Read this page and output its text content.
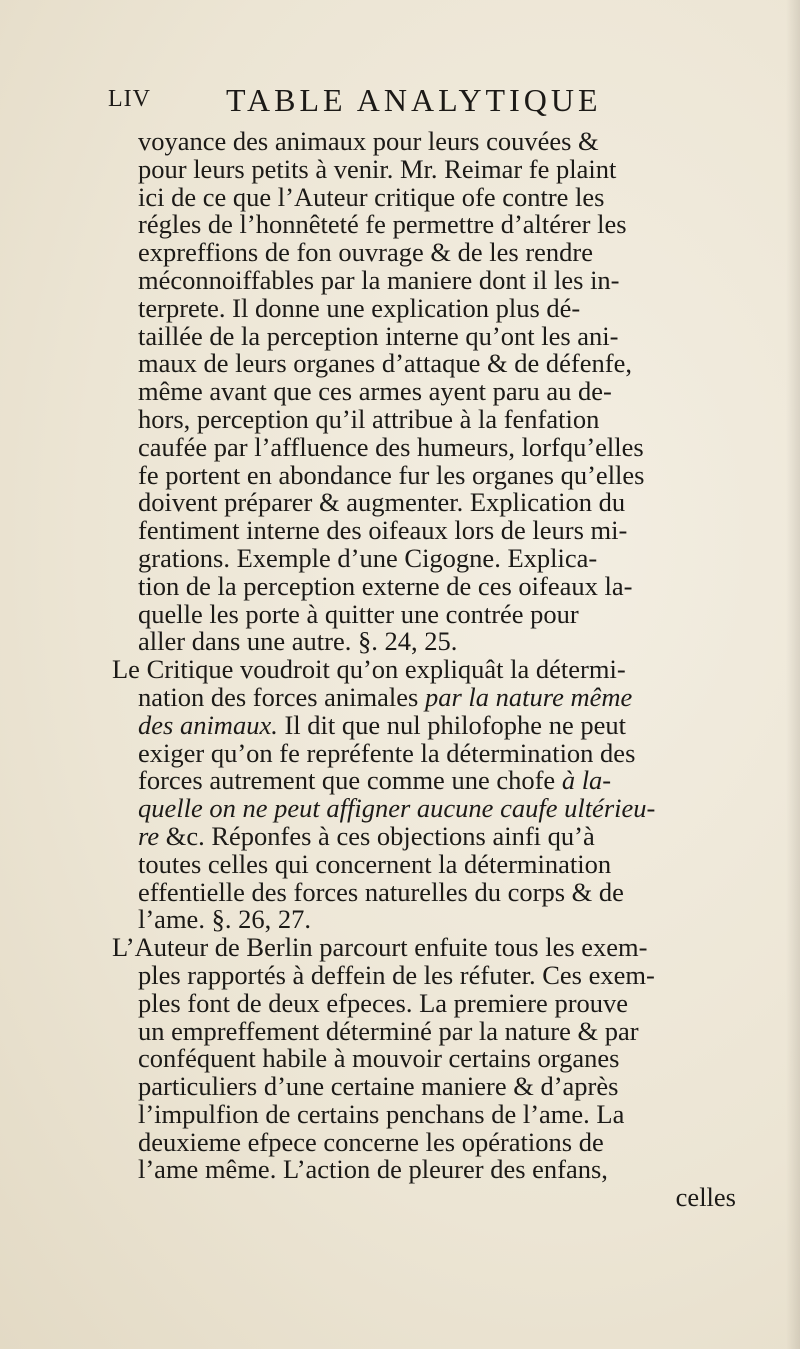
LIV TABLE ANALYTIQUE
voyance des animaux pour leurs couvées &
pour leurs petits à venir. Mr. Reimar fe plaint
ici de ce que l’Auteur critique ofe contre les
régles de l’honnêteté fe permettre d’altérer les
expreffions de fon ouvrage & de les rendre
méconnoiffables par la maniere dont il les in-
terprete. Il donne une explication plus dé-
taillée de la perception interne qu’ont les ani-
maux de leurs organes d’attaque & de défenfe,
même avant que ces armes ayent paru au de-
hors, perception qu’il attribue à la fenfation
caufée par l’affluence des humeurs, lorfqu’elles
fe portent en abondance fur les organes qu’elles
doivent préparer & augmenter. Explication du
fentiment interne des oifeaux lors de leurs mi-
grations. Exemple d’une Cigogne. Explica-
tion de la perception externe de ces oifeaux la-
quelle les porte à quitter une contrée pour
aller dans une autre. §. 24, 25.
Le Critique voudroit qu’on expliquât la détermi-
nation des forces animales par la nature même
des animaux. Il dit que nul philofophe ne peut
exiger qu’on fe repréfente la détermination des
forces autrement que comme une chofe à la-
quelle on ne peut affigner aucune caufe ultérieu-
re &c. Réponfes à ces objections ainfi qu’à
toutes celles qui concernent la détermination
effentielle des forces naturelles du corps & de
l’ame. §. 26, 27.
L’Auteur de Berlin parcourt enfuite tous les exem-
ples rapportés à deffein de les réfuter. Ces exem-
ples font de deux efpeces. La premiere prouve
un empreffement déterminé par la nature & par
conféquent habile à mouvoir certains organes
particuliers d’une certaine maniere & d’après
l’impulfion de certains penchans de l’ame. La
deuxieme efpece concerne les opérations de
l’ame même. L’action de pleurer des enfans,
celles
